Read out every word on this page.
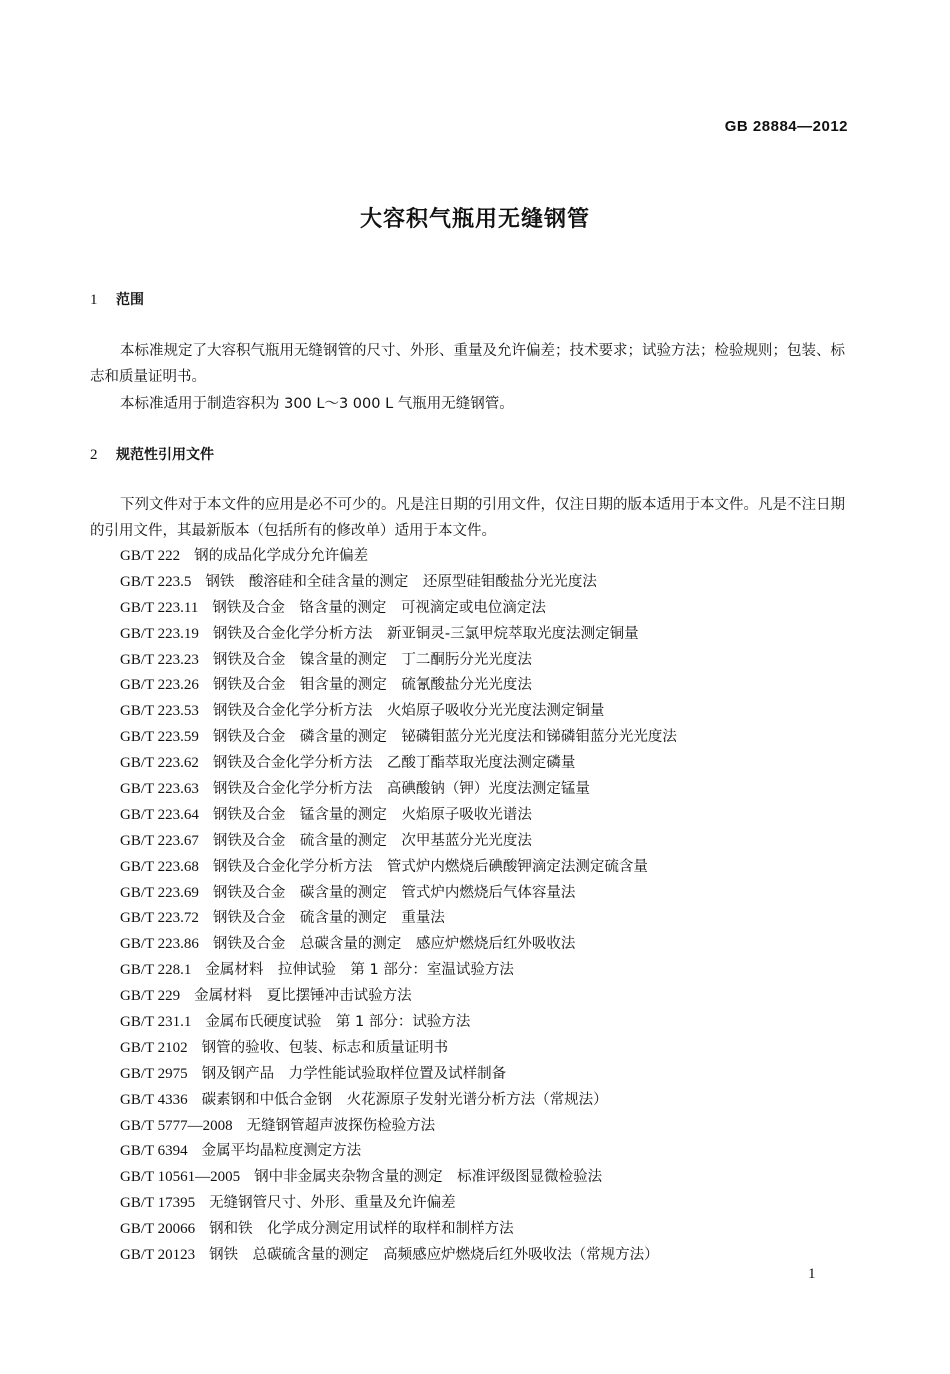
GB 28884—2012
大容积气瓶用无缝钢管
1 范围

本标准规定了大容积气瓶用无缝钢管的尺寸、外形、重量及允许偏差；技术要求；试验方法；检验规则；包装、标志和质量证明书。

本标准适用于制造容积为 300 L～3 000 L 气瓶用无缝钢管。

2 规范性引用文件

下列文件对于本文件的应用是必不可少的。凡是注日期的引用文件，仅注日期的版本适用于本文件。凡是不注日期的引用文件，其最新版本（包括所有的修改单）适用于本文件。

GB/T 222 钢的成品化学成分允许偏差
GB/T 223.5 钢铁　酸溶硅和全硅含量的测定　还原型硅钼酸盐分光光度法
GB/T 223.11 钢铁及合金　铬含量的测定　可视滴定或电位滴定法
GB/T 223.19 钢铁及合金化学分析方法　新亚铜灵-三氯甲烷萃取光度法测定铜量
GB/T 223.23 钢铁及合金　镍含量的测定　丁二酮肟分光光度法
GB/T 223.26 钢铁及合金　钼含量的测定　硫氰酸盐分光光度法
GB/T 223.53 钢铁及合金化学分析方法　火焰原子吸收分光光度法测定铜量
GB/T 223.59 钢铁及合金　磷含量的测定　铋磷钼蓝分光光度法和锑磷钼蓝分光光度法
GB/T 223.62 钢铁及合金化学分析方法　乙酸丁酯萃取光度法测定磷量
GB/T 223.63 钢铁及合金化学分析方法　高碘酸钠（钾）光度法测定锰量
GB/T 223.64 钢铁及合金　锰含量的测定　火焰原子吸收光谱法
GB/T 223.67 钢铁及合金　硫含量的测定　次甲基蓝分光光度法
GB/T 223.68 钢铁及合金化学分析方法　管式炉内燃烧后碘酸钾滴定法测定硫含量
GB/T 223.69 钢铁及合金　碳含量的测定　管式炉内燃烧后气体容量法
GB/T 223.72 钢铁及合金　硫含量的测定　重量法
GB/T 223.86 钢铁及合金　总碳含量的测定　感应炉燃烧后红外吸收法
GB/T 228.1 金属材料　拉伸试验　第 1 部分：室温试验方法
GB/T 229 金属材料　夏比摆锤冲击试验方法
GB/T 231.1 金属布氏硬度试验　第 1 部分：试验方法
GB/T 2102 钢管的验收、包装、标志和质量证明书
GB/T 2975 钢及钢产品　力学性能试验取样位置及试样制备
GB/T 4336 碳素钢和中低合金钢　火花源原子发射光谱分析方法（常规法）
GB/T 5777—2008 无缝钢管超声波探伤检验方法
GB/T 6394 金属平均晶粒度测定方法
GB/T 10561—2005 钢中非金属夹杂物含量的测定　标准评级图显微检验法
GB/T 17395 无缝钢管尺寸、外形、重量及允许偏差
GB/T 20066 钢和铁　化学成分测定用试样的取样和制样方法
GB/T 20123 钢铁　总碳硫含量的测定　高频感应炉燃烧后红外吸收法（常规方法）
1
